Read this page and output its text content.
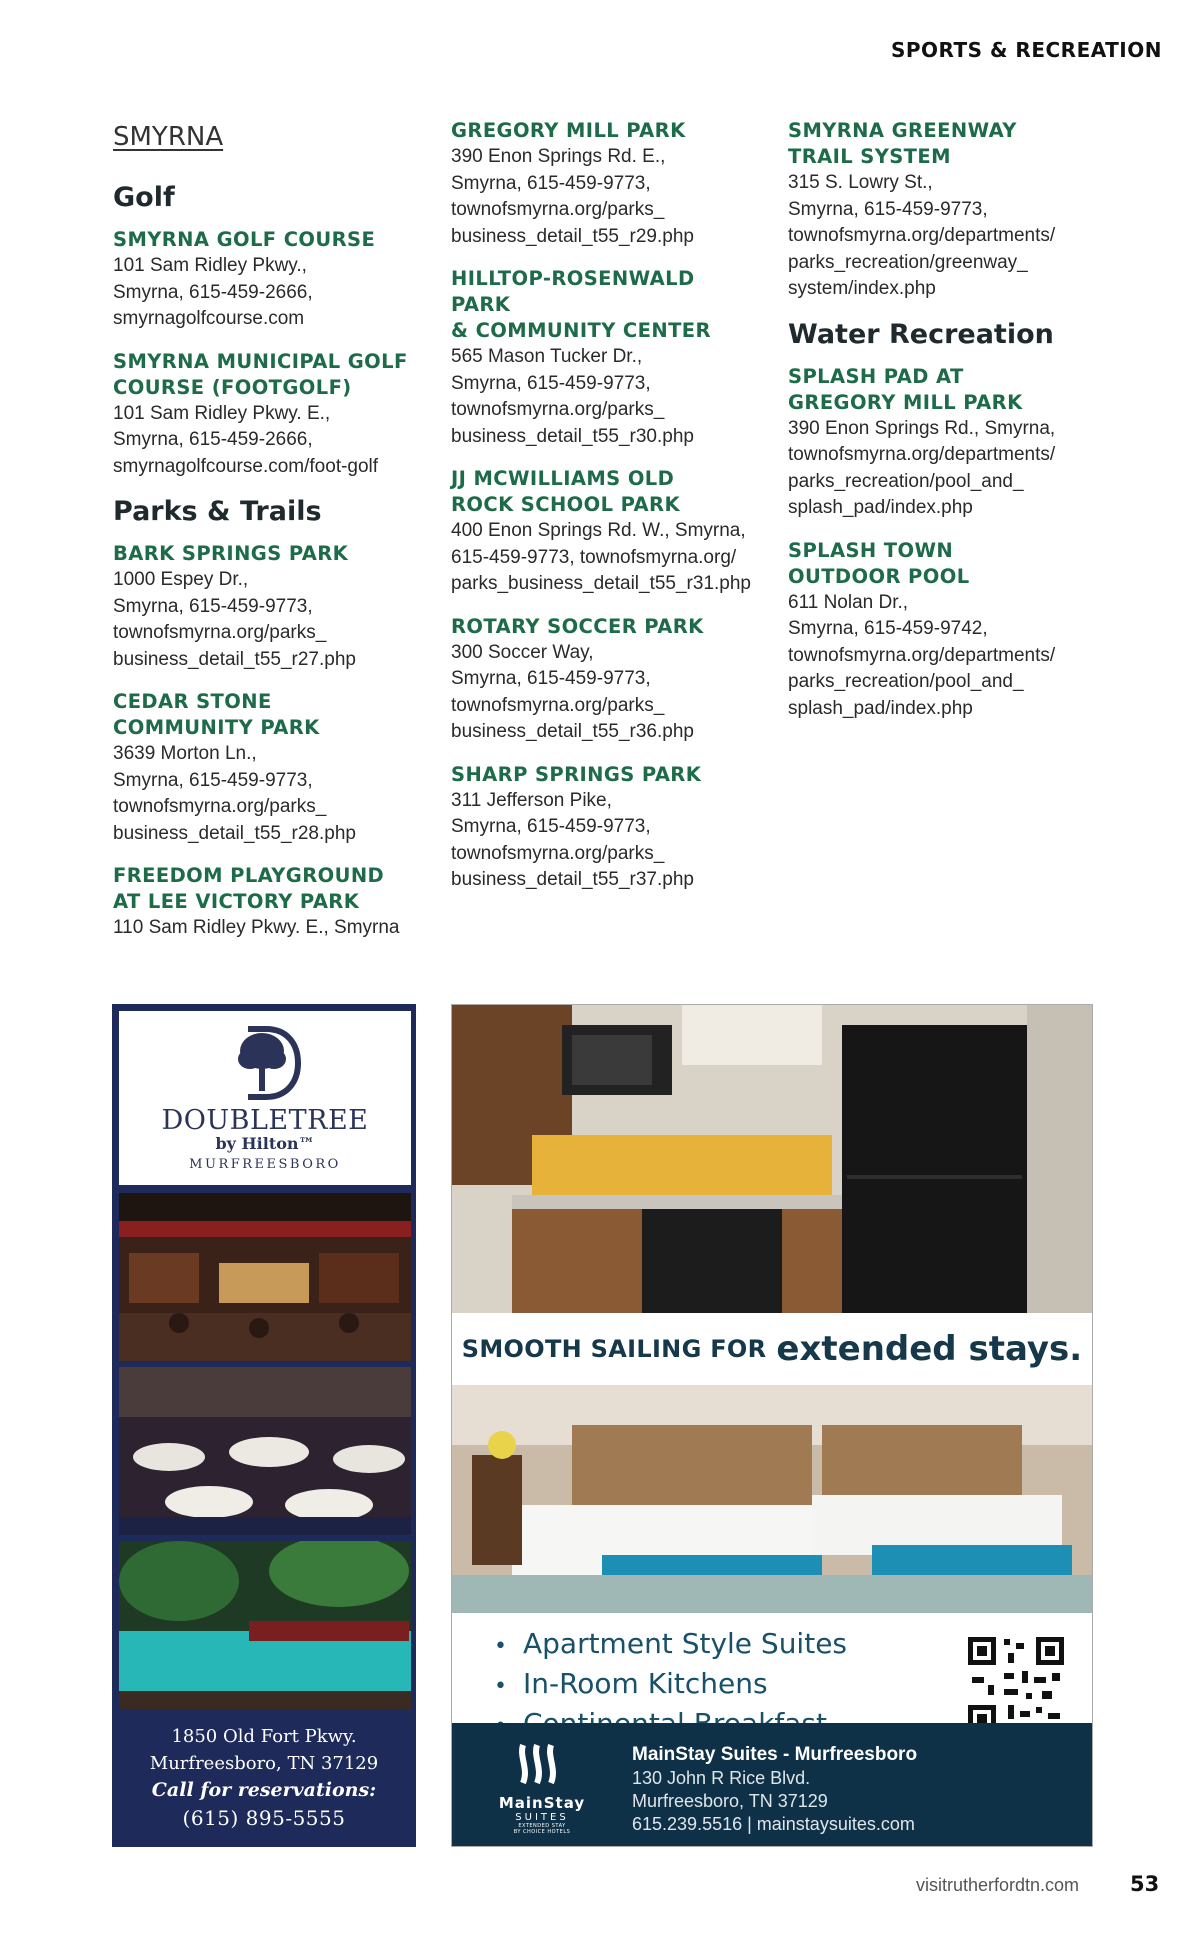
SPORTS & RECREATION
SMYRNA
Golf
SMYRNA GOLF COURSE
101 Sam Ridley Pkwy.,
Smyrna, 615-459-2666,
smyrnagolfcourse.com
SMYRNA MUNICIPAL GOLF
COURSE (FOOTGOLF)
101 Sam Ridley Pkwy. E.,
Smyrna, 615-459-2666,
smyrnagolfcourse.com/foot-golf
Parks & Trails
BARK SPRINGS PARK
1000 Espey Dr.,
Smyrna, 615-459-9773,
townofsmyrna.org/parks_
business_detail_t55_r27.php
CEDAR STONE
COMMUNITY PARK
3639 Morton Ln.,
Smyrna, 615-459-9773,
townofsmyrna.org/parks_
business_detail_t55_r28.php
FREEDOM PLAYGROUND
AT LEE VICTORY PARK
110 Sam Ridley Pkwy. E., Smyrna
GREGORY MILL PARK
390 Enon Springs Rd. E.,
Smyrna, 615-459-9773,
townofsmyrna.org/parks_
business_detail_t55_r29.php
HILLTOP-ROSENWALD PARK
& COMMUNITY CENTER
565 Mason Tucker Dr.,
Smyrna, 615-459-9773,
townofsmyrna.org/parks_
business_detail_t55_r30.php
JJ MCWILLIAMS OLD
ROCK SCHOOL PARK
400 Enon Springs Rd. W., Smyrna,
615-459-9773, townofsmyrna.org/
parks_business_detail_t55_r31.php
ROTARY SOCCER PARK
300 Soccer Way,
Smyrna, 615-459-9773,
townofsmyrna.org/parks_
business_detail_t55_r36.php
SHARP SPRINGS PARK
311 Jefferson Pike,
Smyrna, 615-459-9773,
townofsmyrna.org/parks_
business_detail_t55_r37.php
SMYRNA GREENWAY
TRAIL SYSTEM
315 S. Lowry St.,
Smyrna, 615-459-9773,
townofsmyrna.org/departments/
parks_recreation/greenway_
system/index.php
Water Recreation
SPLASH PAD AT
GREGORY MILL PARK
390 Enon Springs Rd., Smyrna,
townofsmyrna.org/departments/
parks_recreation/pool_and_
splash_pad/index.php
SPLASH TOWN
OUTDOOR POOL
611 Nolan Dr.,
Smyrna, 615-459-9742,
townofsmyrna.org/departments/
parks_recreation/pool_and_
splash_pad/index.php
DOUBLETREE
by Hilton™
MURFREESBORO
1850 Old Fort Pkwy.
Murfreesboro, TN 37129
Call for reservations:
(615) 895-5555
SMOOTH SAILING FOR extended stays.
• Apartment Style Suites
• In-Room Kitchens
•
MainStay
SUITES
EXTENDED STAY
BY CHOICE HOTELS
MainStay Suites - Murfreesboro
130 John R Rice Blvd.
Murfreesboro, TN 37129
615.239.5516 | mainstaysuites.com
visitrutherfordtn.com 53
